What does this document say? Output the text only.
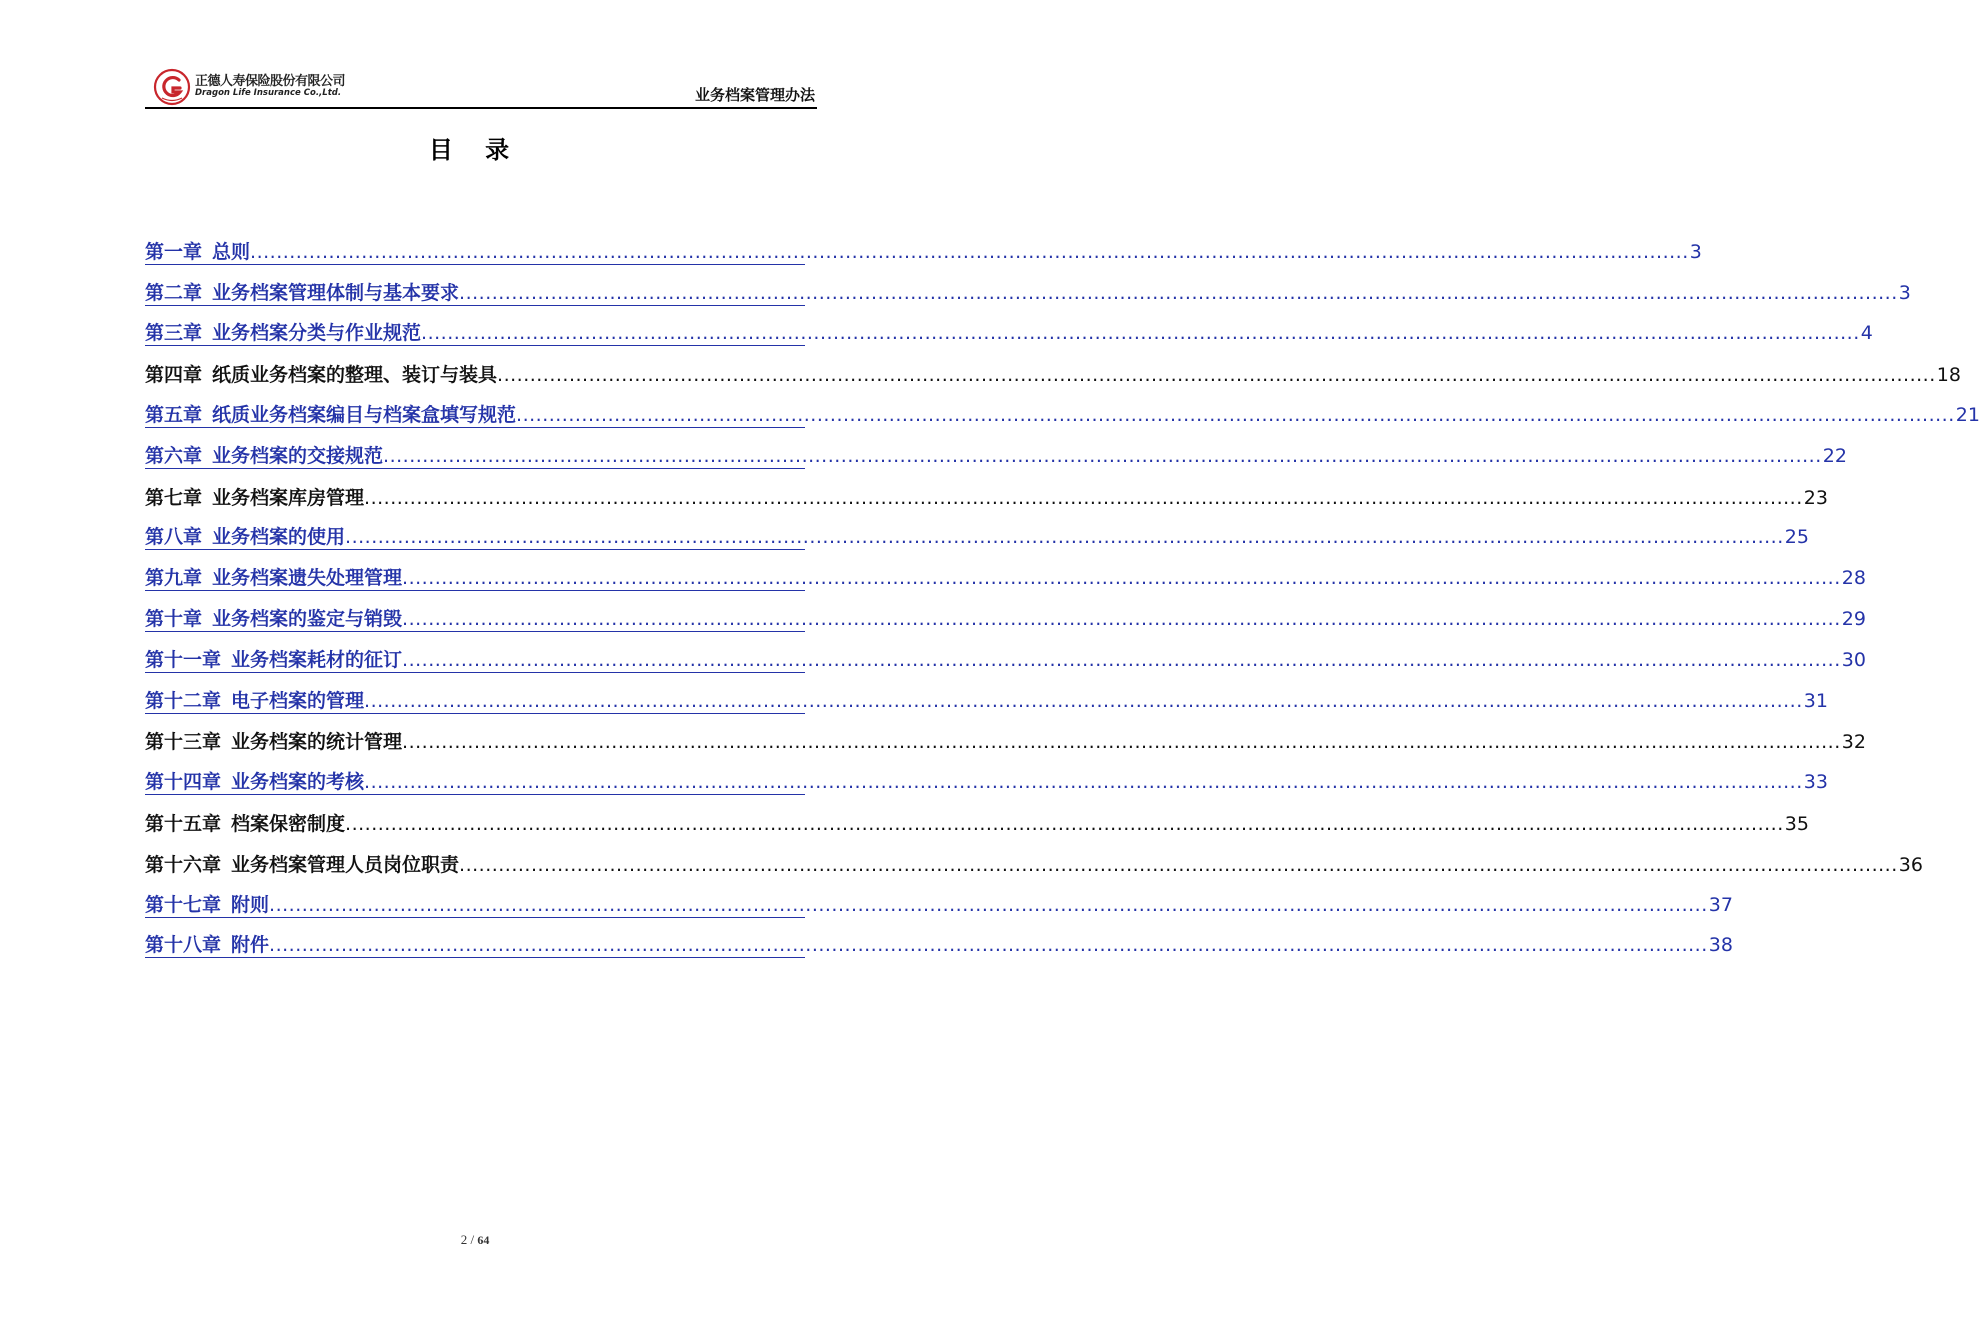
正德人寿保险股份有限公司
Dragon Life Insurance Co.,Ltd.	业务档案管理办法
目 录
第一章 总则 ............................................................................................................................................................................................................................ 3
第二章 业务档案管理体制与基本要求 ............................................................................................................................................................................................................................ 3
第三章 业务档案分类与作业规范 ............................................................................................................................................................................................................................ 4
第四章 纸质业务档案的整理、装订与装具 ............................................................................................................................................................................................................................ 18
第五章 纸质业务档案编目与档案盒填写规范 ............................................................................................................................................................................................................................ 21
第六章 业务档案的交接规范 ............................................................................................................................................................................................................................ 22
第七章 业务档案库房管理 ............................................................................................................................................................................................................................ 23
第八章 业务档案的使用 ............................................................................................................................................................................................................................ 25
第九章 业务档案遗失处理管理 ............................................................................................................................................................................................................................ 28
第十章 业务档案的鉴定与销毁 ............................................................................................................................................................................................................................ 29
第十一章 业务档案耗材的征订 ............................................................................................................................................................................................................................ 30
第十二章 电子档案的管理 ............................................................................................................................................................................................................................ 31
第十三章 业务档案的统计管理 ............................................................................................................................................................................................................................ 32
第十四章 业务档案的考核 ............................................................................................................................................................................................................................ 33
第十五章 档案保密制度 ............................................................................................................................................................................................................................ 35
第十六章 业务档案管理人员岗位职责 ............................................................................................................................................................................................................................ 36
第十七章 附则 ............................................................................................................................................................................................................................ 37
第十八章 附件 ............................................................................................................................................................................................................................ 38
2 / 64
